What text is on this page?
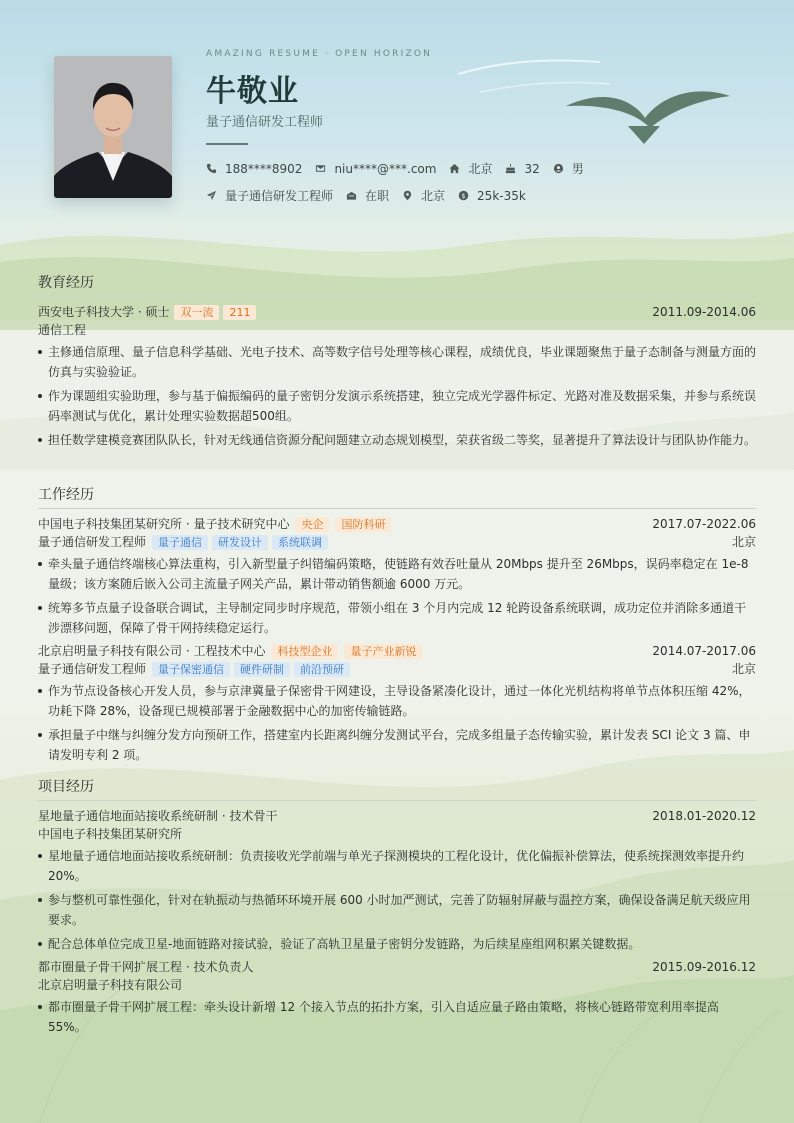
AMAZING RESUME · OPEN HORIZON
牛敬业
量子通信研发工程师
188****8902	niu****@***.com	北京	32	男
量子通信研发工程师	在职	北京 $ 25k-35k
教育经历
西安电子科技大学 · 硕士	双一流	211	2011.09-2014.06
通信工程
主修通信原理、量子信息科学基础、光电子技术、高等数字信号处理等核心课程，成绩优良，毕业课题聚焦于量子态制备与测量方面的仿真与实验验证。
作为课题组实验助理，参与基于偏振编码的量子密钥分发演示系统搭建，独立完成光学器件标定、光路对准及数据采集，并参与系统误码率测试与优化，累计处理实验数据超500组。
担任数学建模竞赛团队队长，针对无线通信资源分配问题建立动态规划模型，荣获省级二等奖，显著提升了算法设计与团队协作能力。
工作经历
中国电子科技集团某研究所 · 量子技术研究中心	央企	国防科研	2017.07-2022.06
量子通信研发工程师	量子通信	研发设计	系统联调	北京
牵头量子通信终端核心算法重构，引入新型量子纠错编码策略，使链路有效吞吐量从 20Mbps 提升至 26Mbps，误码率稳定在 1e-8 量级；该方案随后嵌入公司主流量子网关产品，累计带动销售额逾 6000 万元。
统筹多节点量子设备联合调试，主导制定同步时序规范，带领小组在 3 个月内完成 12 轮跨设备系统联调，成功定位并消除多通道干涉漂移问题，保障了骨干网持续稳定运行。
北京启明量子科技有限公司 · 工程技术中心	科技型企业	量子产业新锐	2014.07-2017.06
量子通信研发工程师	量子保密通信	硬件研制	前沿预研	北京
作为节点设备核心开发人员，参与京津冀量子保密骨干网建设，主导设备紧凑化设计，通过一体化光机结构将单节点体积压缩 42%，功耗下降 28%，设备现已规模部署于金融数据中心的加密传输链路。
承担量子中继与纠缠分发方向预研工作，搭建室内长距离纠缠分发测试平台，完成多组量子态传输实验，累计发表 SCI 论文 3 篇、申请发明专利 2 项。
项目经历
星地量子通信地面站接收系统研制 · 技术骨干	2018.01-2020.12
中国电子科技集团某研究所
星地量子通信地面站接收系统研制：负责接收光学前端与单光子探测模块的工程化设计，优化偏振补偿算法，使系统探测效率提升约 20%。
参与整机可靠性强化，针对在轨振动与热循环环境开展 600 小时加严测试，完善了防辐射屏蔽与温控方案，确保设备满足航天级应用要求。
配合总体单位完成卫星-地面链路对接试验，验证了高轨卫星量子密钥分发链路，为后续星座组网积累关键数据。
都市圈量子骨干网扩展工程 · 技术负责人	2015.09-2016.12
北京启明量子科技有限公司
都市圈量子骨干网扩展工程：牵头设计新增 12 个接入节点的拓扑方案，引入自适应量子路由策略，将核心链路带宽利用率提高 55%。
